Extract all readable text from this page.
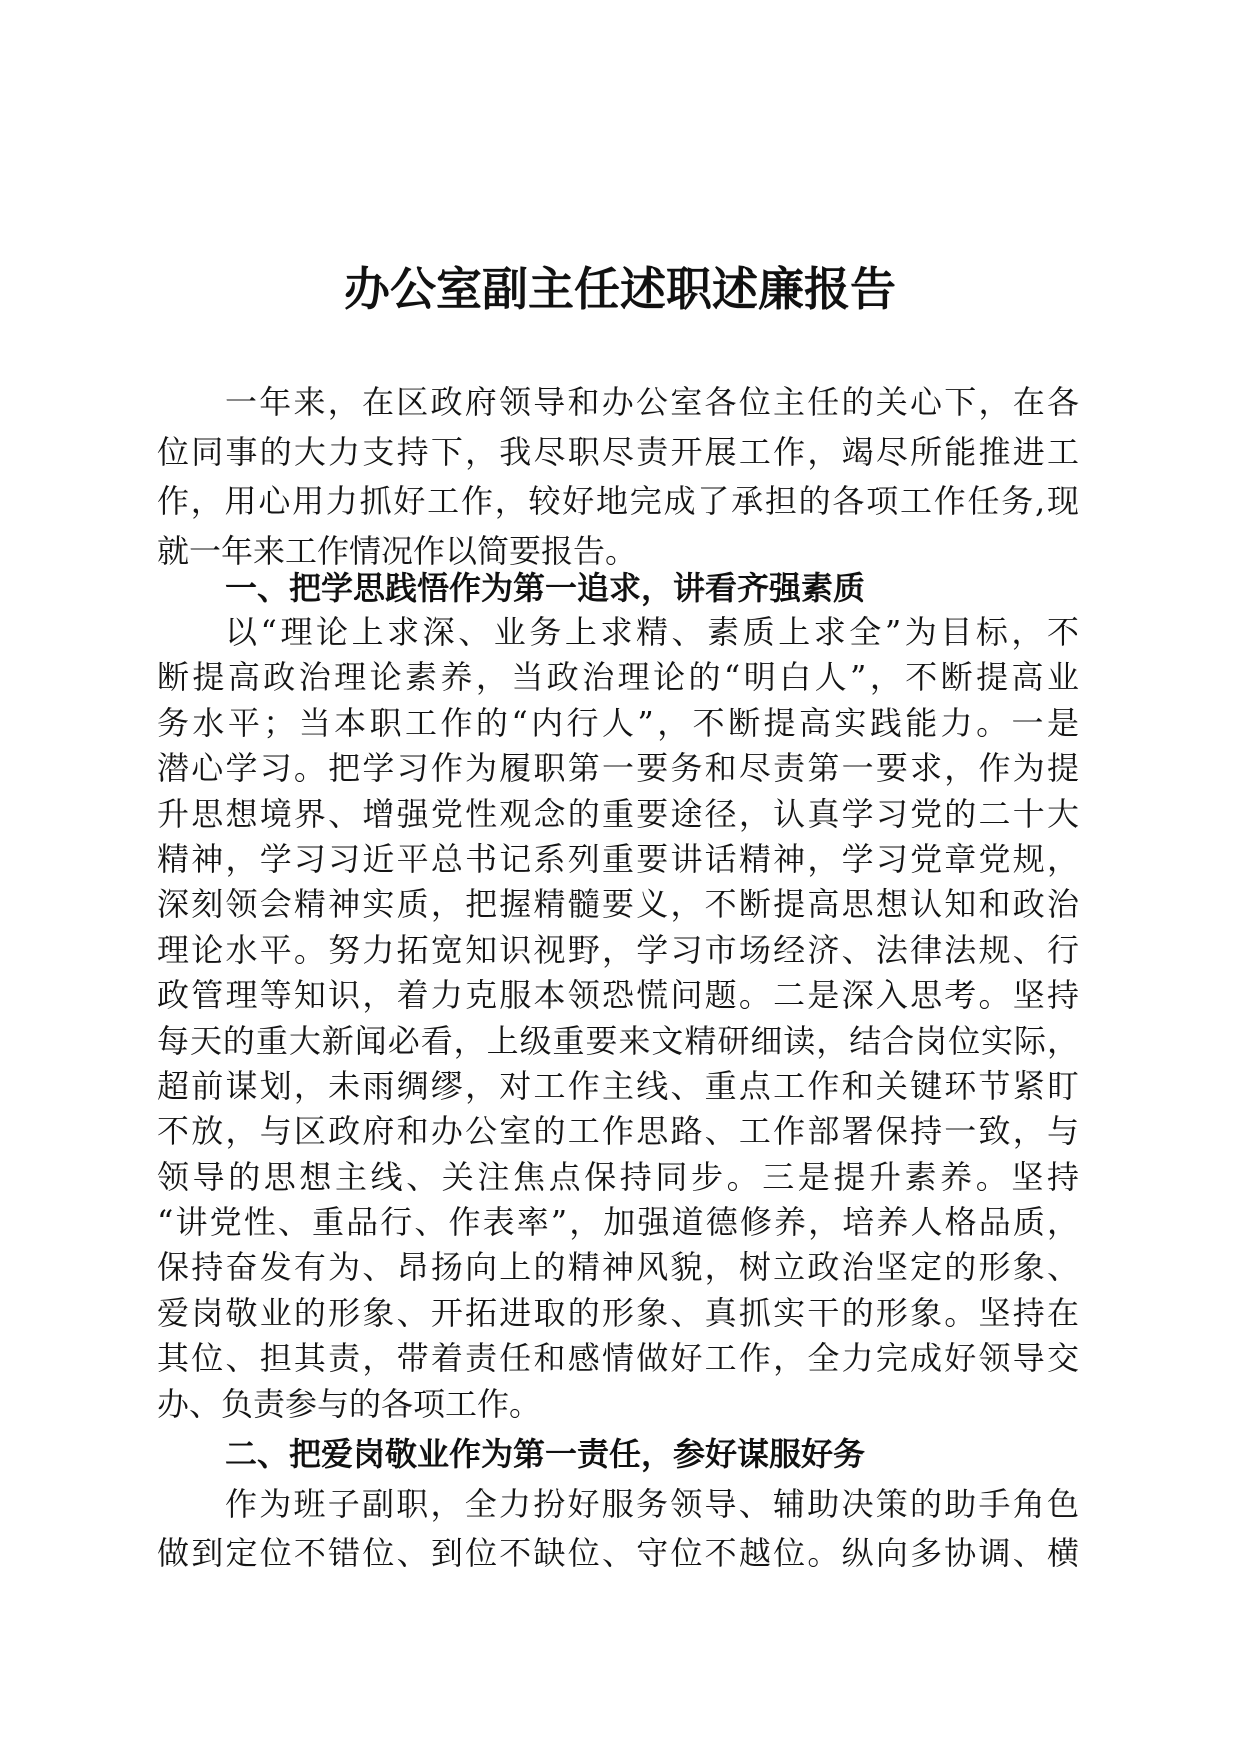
办公室副主任述职述廉报告
一年来，在区政府领导和办公室各位主任的关心下，在各
位同事的大力支持下，我尽职尽责开展工作，竭尽所能推进工
作，用心用力抓好工作，较好地完成了承担的各项工作任务,现
就一年来工作情况作以简要报告。
一、把学思践悟作为第一追求，讲看齐强素质
以“理论上求深、业务上求精、素质上求全”为目标，不
断提高政治理论素养，当政治理论的“明白人”，不断提高业
务水平；当本职工作的“内行人”，不断提高实践能力。一是
潜心学习。把学习作为履职第一要务和尽责第一要求，作为提
升思想境界、增强党性观念的重要途径，认真学习党的二十大
精神，学习习近平总书记系列重要讲话精神，学习党章党规，
深刻领会精神实质，把握精髓要义，不断提高思想认知和政治
理论水平。努力拓宽知识视野，学习市场经济、法律法规、行
政管理等知识，着力克服本领恐慌问题。二是深入思考。坚持
每天的重大新闻必看，上级重要来文精研细读，结合岗位实际，
超前谋划，未雨绸缪，对工作主线、重点工作和关键环节紧盯
不放，与区政府和办公室的工作思路、工作部署保持一致，与
领导的思想主线、关注焦点保持同步。三是提升素养。坚持
“讲党性、重品行、作表率”，加强道德修养，培养人格品质，
保持奋发有为、昂扬向上的精神风貌，树立政治坚定的形象、
爱岗敬业的形象、开拓进取的形象、真抓实干的形象。坚持在
其位、担其责，带着责任和感情做好工作，全力完成好领导交
办、负责参与的各项工作。
二、把爱岗敬业作为第一责任，参好谋服好务
作为班子副职，全力扮好服务领导、辅助决策的助手角色
做到定位不错位、到位不缺位、守位不越位。纵向多协调、横
